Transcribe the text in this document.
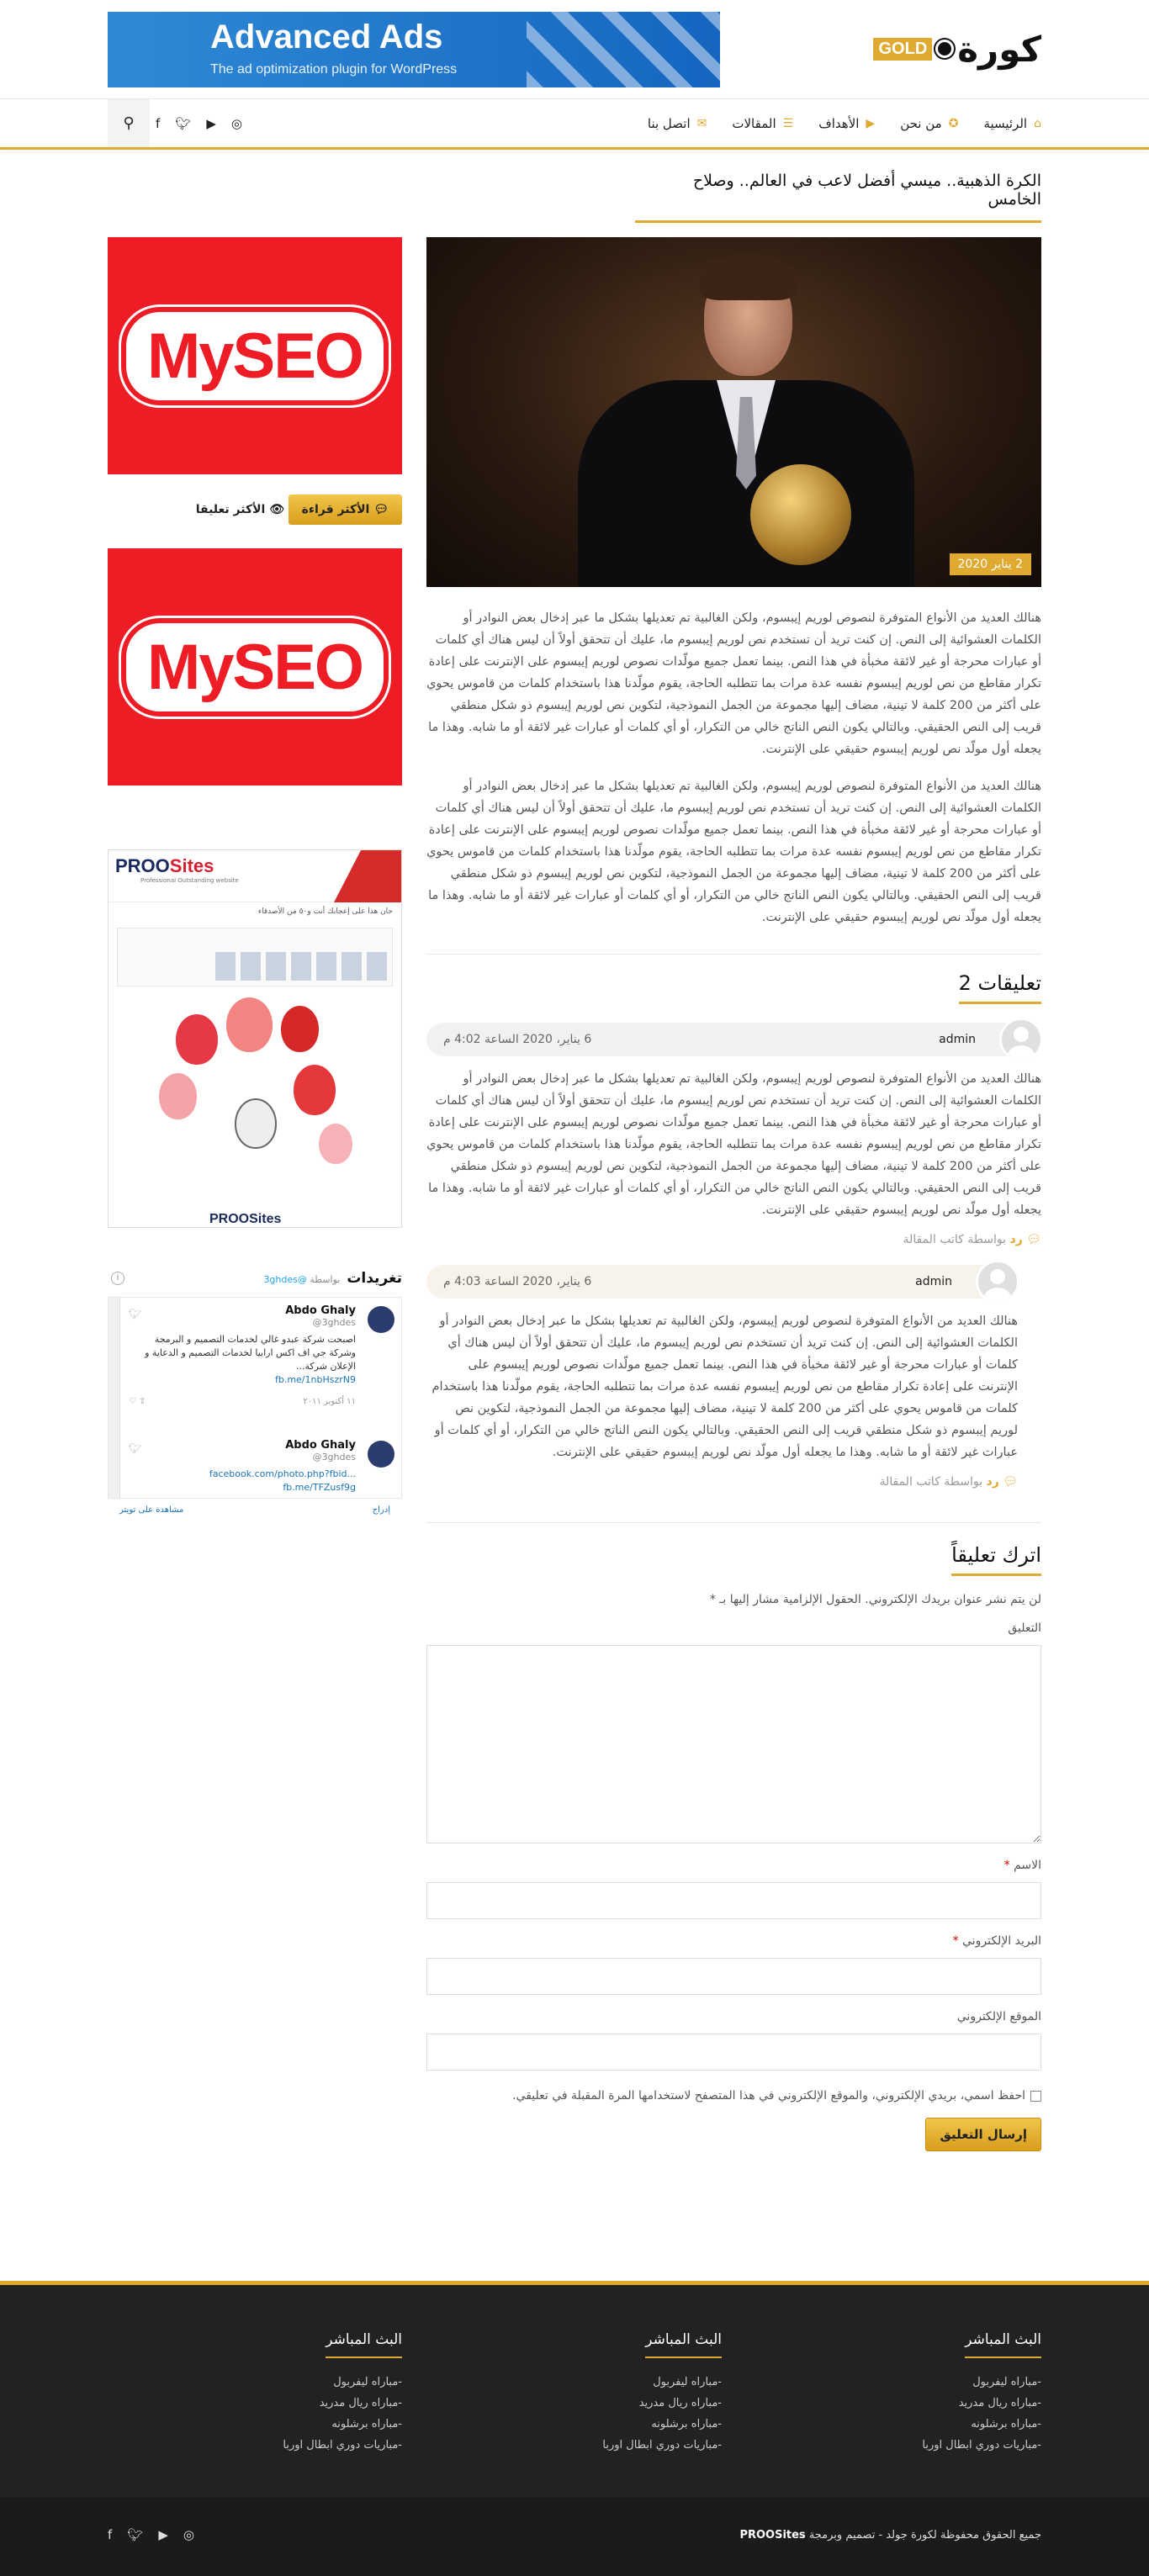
Advanced Ads
The ad optimization plugin for WordPress	كورة
GOLD
⌂
الرئيسية
✪
من نحن
▶
الأهداف
☰
المقالات
✉
اتصل بنا
f 🐦︎ ▶ ◎
⚲
الكرة الذهبية.. ميسي أفضل لاعب في العالم.. وصلاح الخامس
2 يناير 2020

هنالك العديد من الأنواع المتوفرة لنصوص لوريم إيبسوم، ولكن الغالبية تم تعديلها بشكل ما عبر إدخال بعض النوادر أو الكلمات العشوائية إلى النص. إن كنت تريد أن تستخدم نص لوريم إيبسوم ما، عليك أن تتحقق أولاً أن ليس هناك أي كلمات أو عبارات محرجة أو غير لائقة مخبأة في هذا النص. بينما تعمل جميع مولّدات نصوص لوريم إيبسوم على الإنترنت على إعادة تكرار مقاطع من نص لوريم إيبسوم نفسه عدة مرات بما تتطلبه الحاجة، يقوم مولّدنا هذا باستخدام كلمات من قاموس يحوي على أكثر من 200 كلمة لا تينية، مضاف إليها مجموعة من الجمل النموذجية، لتكوين نص لوريم إيبسوم ذو شكل منطقي قريب إلى النص الحقيقي. وبالتالي يكون النص الناتج خالي من التكرار، أو أي كلمات أو عبارات غير لائقة أو ما شابه. وهذا ما يجعله أول مولّد نص لوريم إيبسوم حقيقي على الإنترنت.

هنالك العديد من الأنواع المتوفرة لنصوص لوريم إيبسوم، ولكن الغالبية تم تعديلها بشكل ما عبر إدخال بعض النوادر أو الكلمات العشوائية إلى النص. إن كنت تريد أن تستخدم نص لوريم إيبسوم ما، عليك أن تتحقق أولاً أن ليس هناك أي كلمات أو عبارات محرجة أو غير لائقة مخبأة في هذا النص. بينما تعمل جميع مولّدات نصوص لوريم إيبسوم على الإنترنت على إعادة تكرار مقاطع من نص لوريم إيبسوم نفسه عدة مرات بما تتطلبه الحاجة، يقوم مولّدنا هذا باستخدام كلمات من قاموس يحوي على أكثر من 200 كلمة لا تينية، مضاف إليها مجموعة من الجمل النموذجية، لتكوين نص لوريم إيبسوم ذو شكل منطقي قريب إلى النص الحقيقي. وبالتالي يكون النص الناتج خالي من التكرار، أو أي كلمات أو عبارات غير لائقة أو ما شابه. وهذا ما يجعله أول مولّد نص لوريم إيبسوم حقيقي على الإنترنت.

تعليقات 2
admin
6 يناير، 2020 الساعة 4:02 م

هنالك العديد من الأنواع المتوفرة لنصوص لوريم إيبسوم، ولكن الغالبية تم تعديلها بشكل ما عبر إدخال بعض النوادر أو الكلمات العشوائية إلى النص. إن كنت تريد أن تستخدم نص لوريم إيبسوم ما، عليك أن تتحقق أولاً أن ليس هناك أي كلمات أو عبارات محرجة أو غير لائقة مخبأة في هذا النص. بينما تعمل جميع مولّدات نصوص لوريم إيبسوم على الإنترنت على إعادة تكرار مقاطع من نص لوريم إيبسوم نفسه عدة مرات بما تتطلبه الحاجة، يقوم مولّدنا هذا باستخدام كلمات من قاموس يحوي على أكثر من 200 كلمة لا تينية، مضاف إليها مجموعة من الجمل النموذجية، لتكوين نص لوريم إيبسوم ذو شكل منطقي قريب إلى النص الحقيقي. وبالتالي يكون النص الناتج خالي من التكرار، أو أي كلمات أو عبارات غير لائقة أو ما شابه. وهذا ما يجعله أول مولّد نص لوريم إيبسوم حقيقي على الإنترنت.

💬︎ رد بواسطة كاتب المقالة
admin
6 يناير، 2020 الساعة 4:03 م

هنالك العديد من الأنواع المتوفرة لنصوص لوريم إيبسوم، ولكن الغالبية تم تعديلها بشكل ما عبر إدخال بعض النوادر أو الكلمات العشوائية إلى النص. إن كنت تريد أن تستخدم نص لوريم إيبسوم ما، عليك أن تتحقق أولاً أن ليس هناك أي كلمات أو عبارات محرجة أو غير لائقة مخبأة في هذا النص. بينما تعمل جميع مولّدات نصوص لوريم إيبسوم على الإنترنت على إعادة تكرار مقاطع من نص لوريم إيبسوم نفسه عدة مرات بما تتطلبه الحاجة، يقوم مولّدنا هذا باستخدام كلمات من قاموس يحوي على أكثر من 200 كلمة لا تينية، مضاف إليها مجموعة من الجمل النموذجية، لتكوين نص لوريم إيبسوم ذو شكل منطقي قريب إلى النص الحقيقي. وبالتالي يكون النص الناتج خالي من التكرار، أو أي كلمات أو عبارات غير لائقة أو ما شابه. وهذا ما يجعله أول مولّد نص لوريم إيبسوم حقيقي على الإنترنت.

💬︎ رد بواسطة كاتب المقالة
اترك تعليقاً

لن يتم نشر عنوان بريدك الإلكتروني. الحقول الإلزامية مشار إليها بـ *

التعليق

الاسم *

البريد الإلكتروني *

الموقع الإلكتروني

احفظ اسمي، بريدي الإلكتروني، والموقع الإلكتروني في هذا المتصفح لاستخدامها المرة المقبلة في تعليقي.
إرسال التعليق
MySEO
💬︎ الأكثر قراءة
👁︎ الأكثر تعليقا
MySEO
PROOSites
Professional Outstanding website
حان هذا على إعجابك أنت و٥٠ من الأصدقاء
PROOSites
تغريدات
بواسطة @3ghdes
i
🐦︎	Abdo Ghaly
@3ghdes
اصبحت شركة عبدو غالي لخدمات التصميم و البرمجة وشركة جي اف اكس ارابيا لخدمات التصميم و الدعاية و الإعلان شركة...
fb.me/1nbHszrN9
١١ أكتوبر ٢٠١١
⇪ ♡
🐦︎	Abdo Ghaly
@3ghdes
facebook.com/photo.php?fbid...
fb.me/TFZusf9g
مشاهدة على تويتر	إدراج
البث المباشر
-مباراه ليفربول
-مباراه ريال مدريد
-مباراه برشلونه
-مباريات دوري ابطال اوربا
البث المباشر
-مباراه ليفربول
-مباراه ريال مدريد
-مباراه برشلونه
-مباريات دوري ابطال اوربا
البث المباشر
-مباراه ليفربول
-مباراه ريال مدريد
-مباراه برشلونه
-مباريات دوري ابطال اوربا
جميع الحقوق محفوظة لكورة جولد - تصميم وبرمجة PROOSites
f 🐦︎ ▶ ◎
